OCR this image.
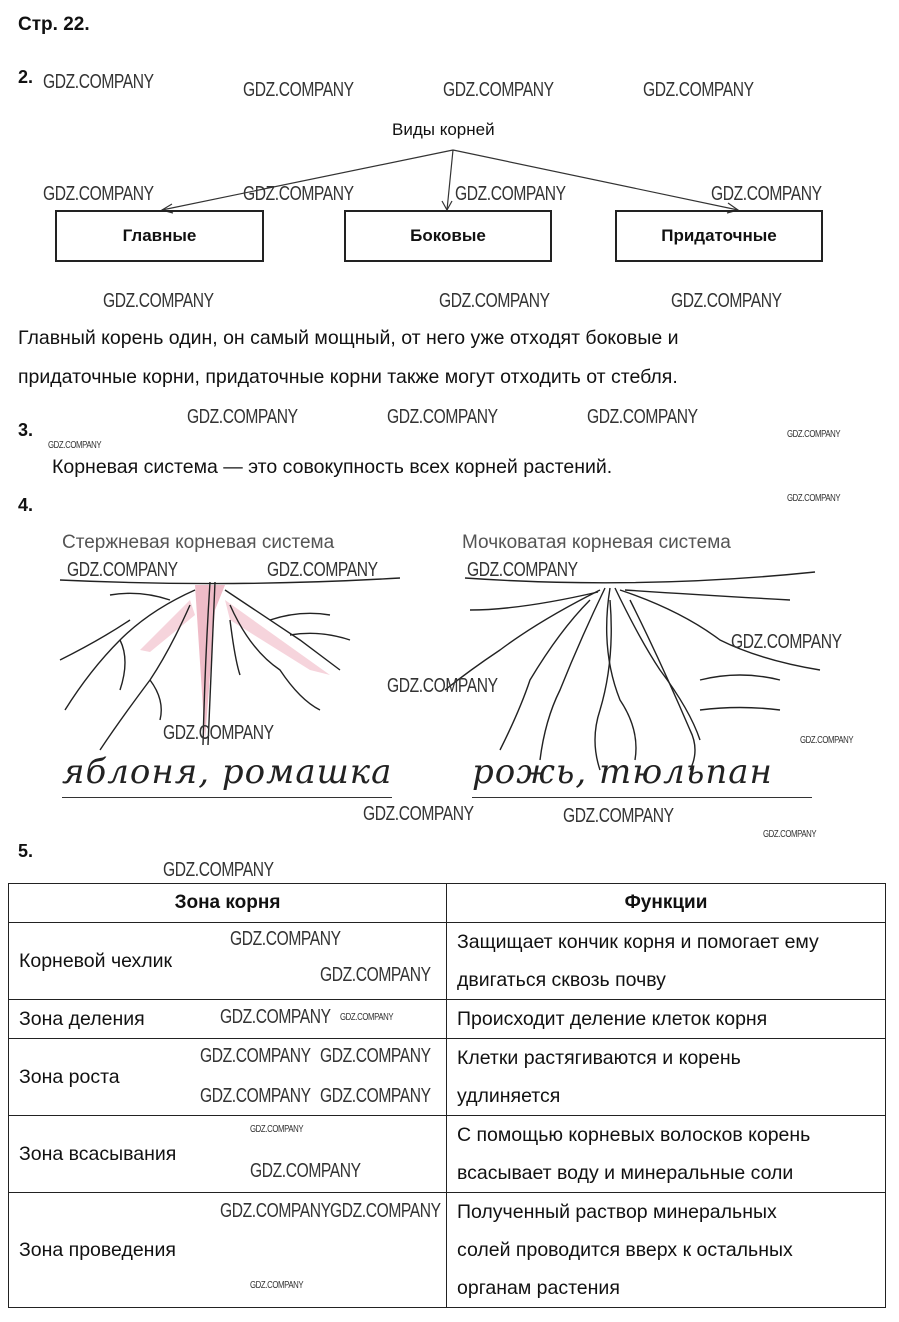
Стр. 22.
2.
Виды корней
Главные	Боковые	Придаточные
Главный корень один, он самый мощный, от него уже отходят боковые и
придаточные корни, придаточные корни также могут отходить от стебля.
3.
Корневая система — это совокупность всех корней растений.
4.
Стержневая корневая система	Мочковатая корневая система
яблоня, ромашка рожь, тюльпан
5.
Зона корня	Функции
Корневой чехлик	Защищает кончик корня и помогает ему
двигаться сквозь почву

Зона деления	Происходит деление клеток корня

Зона роста	Клетки растягиваются и корень
удлиняется

Зона всасывания	С помощью корневых волосков корень
всасывает воду и минеральные соли

Зона проведения	Полученный раствор минеральных
солей проводится вверх к остальных
органам растения
GDZ.COMPANY	GDZ.COMPANY	GDZ.COMPANY	GDZ.COMPANY
GDZ.COMPANY	GDZ.COMPANY	GDZ.COMPANY	GDZ.COMPANY
GDZ.COMPANY	GDZ.COMPANY	GDZ.COMPANY
GDZ.COMPANY
GDZ.COMPANY	GDZ.COMPANY	GDZ.COMPANY
GDZ.COMPANY
GDZ.COMPANY
GDZ.COMPANY	GDZ.COMPANY	GDZ.COMPANY
GDZ.COMPANY
GDZ.COMPANY
GDZ.COMPANY	GDZ.COMPANY
GDZ.COMPANY	GDZ.COMPANY
GDZ.COMPANY
GDZ.COMPANY
GDZ.COMPANY
GDZ.COMPANY
GDZ.COMPANY GDZ.COMPANY
GDZ.COMPANY GDZ.COMPANY
GDZ.COMPANY GDZ.COMPANY
GDZ.COMPANY
GDZ.COMPANY
GDZ.COMPANY GDZ.COMPANY
GDZ.COMPANY
